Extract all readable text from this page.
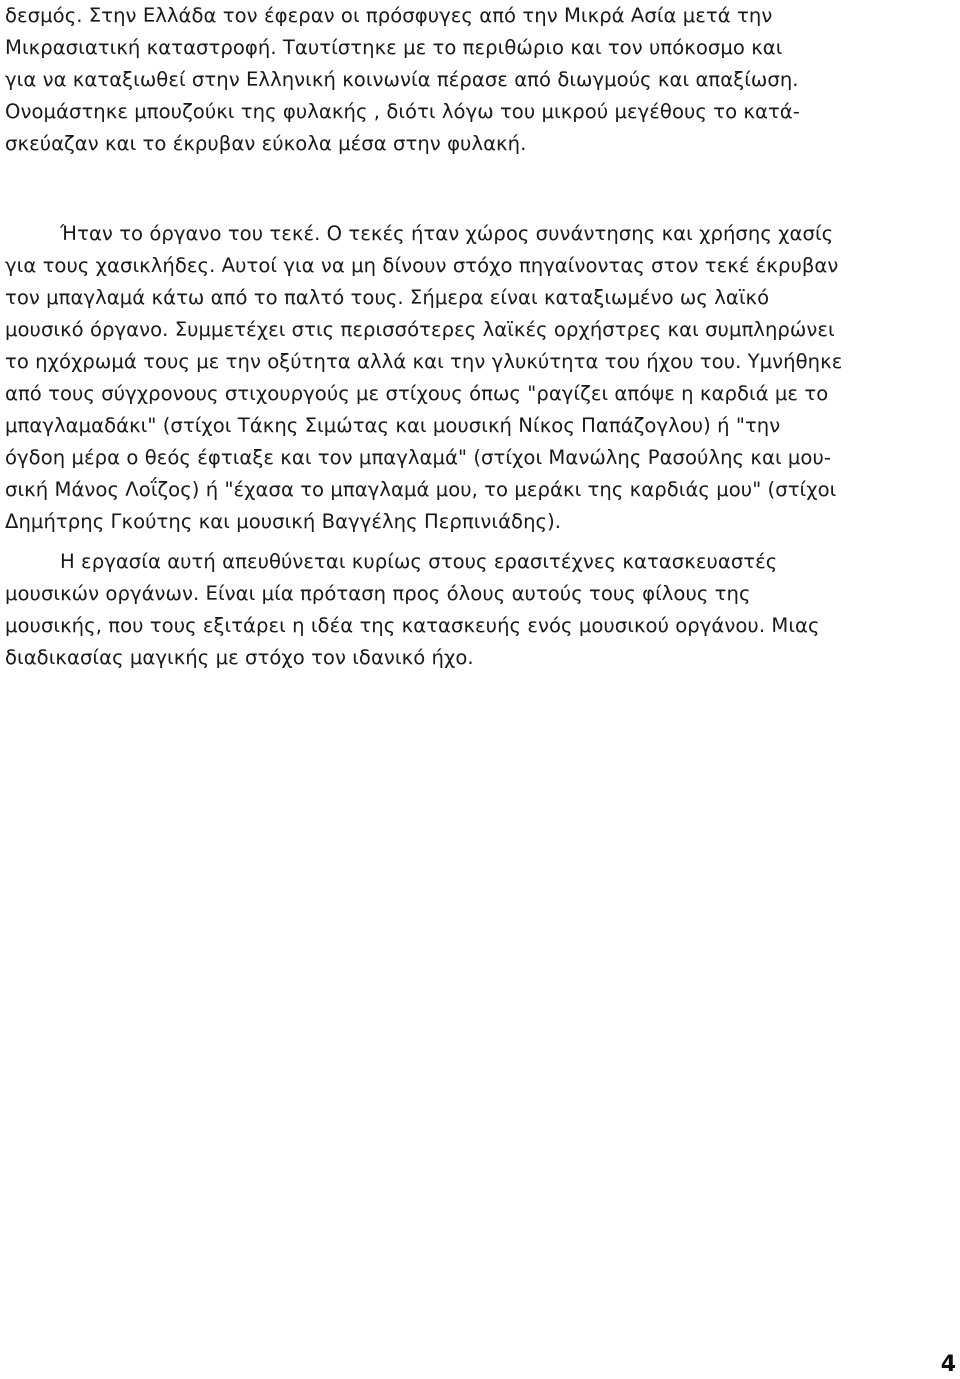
δεσμός. Στην Ελλάδα τον έφεραν οι πρόσφυγες από την Μικρά Ασία μετά την
Μικρασιατική καταστροφή. Ταυτίστηκε με το περιθώριο και τον υπόκοσμο και
για να καταξιωθεί στην Ελληνική κοινωνία πέρασε από διωγμούς και απαξίωση.
Ονομάστηκε μπουζούκι της φυλακής , διότι λόγω του μικρού μεγέθους το κατά-
σκεύαζαν και το έκρυβαν εύκολα μέσα στην φυλακή.
Ήταν το όργανο του τεκέ. Ο τεκές ήταν χώρος συνάντησης και χρήσης χασίς
για τους χασικλήδες. Αυτοί για να μη δίνουν στόχο πηγαίνοντας στον τεκέ έκρυβαν
τον μπαγλαμά κάτω από το παλτό τους. Σήμερα είναι καταξιωμένο ως λαϊκό
μουσικό όργανο. Συμμετέχει στις περισσότερες λαϊκές ορχήστρες και συμπληρώνει
το ηχόχρωμά τους με την οξύτητα αλλά και την γλυκύτητα του ήχου του. Υμνήθηκε
από τους σύγχρονους στιχουργούς με στίχους όπως "ραγίζει απόψε η καρδιά με το
μπαγλαμαδάκι" (στίχοι Τάκης Σιμώτας και μουσική Νίκος Παπάζογλου) ή "την
όγδοη μέρα ο θεός έφτιαξε και τον μπαγλαμά" (στίχοι Μανώλης Ρασούλης και μου-
σική Μάνος Λοΐζος) ή "έχασα το μπαγλαμά μου, το μεράκι της καρδιάς μου" (στίχοι
Δημήτρης Γκούτης και μουσική Βαγγέλης Περπινιάδης).
Η εργασία αυτή απευθύνεται κυρίως στους ερασιτέχνες κατασκευαστές
μουσικών οργάνων. Είναι μία πρόταση προς όλους αυτούς τους φίλους της
μουσικής, που τους εξιτάρει η ιδέα της κατασκευής ενός μουσικού οργάνου. Μιας
διαδικασίας μαγικής με στόχο τον ιδανικό ήχο.
4
